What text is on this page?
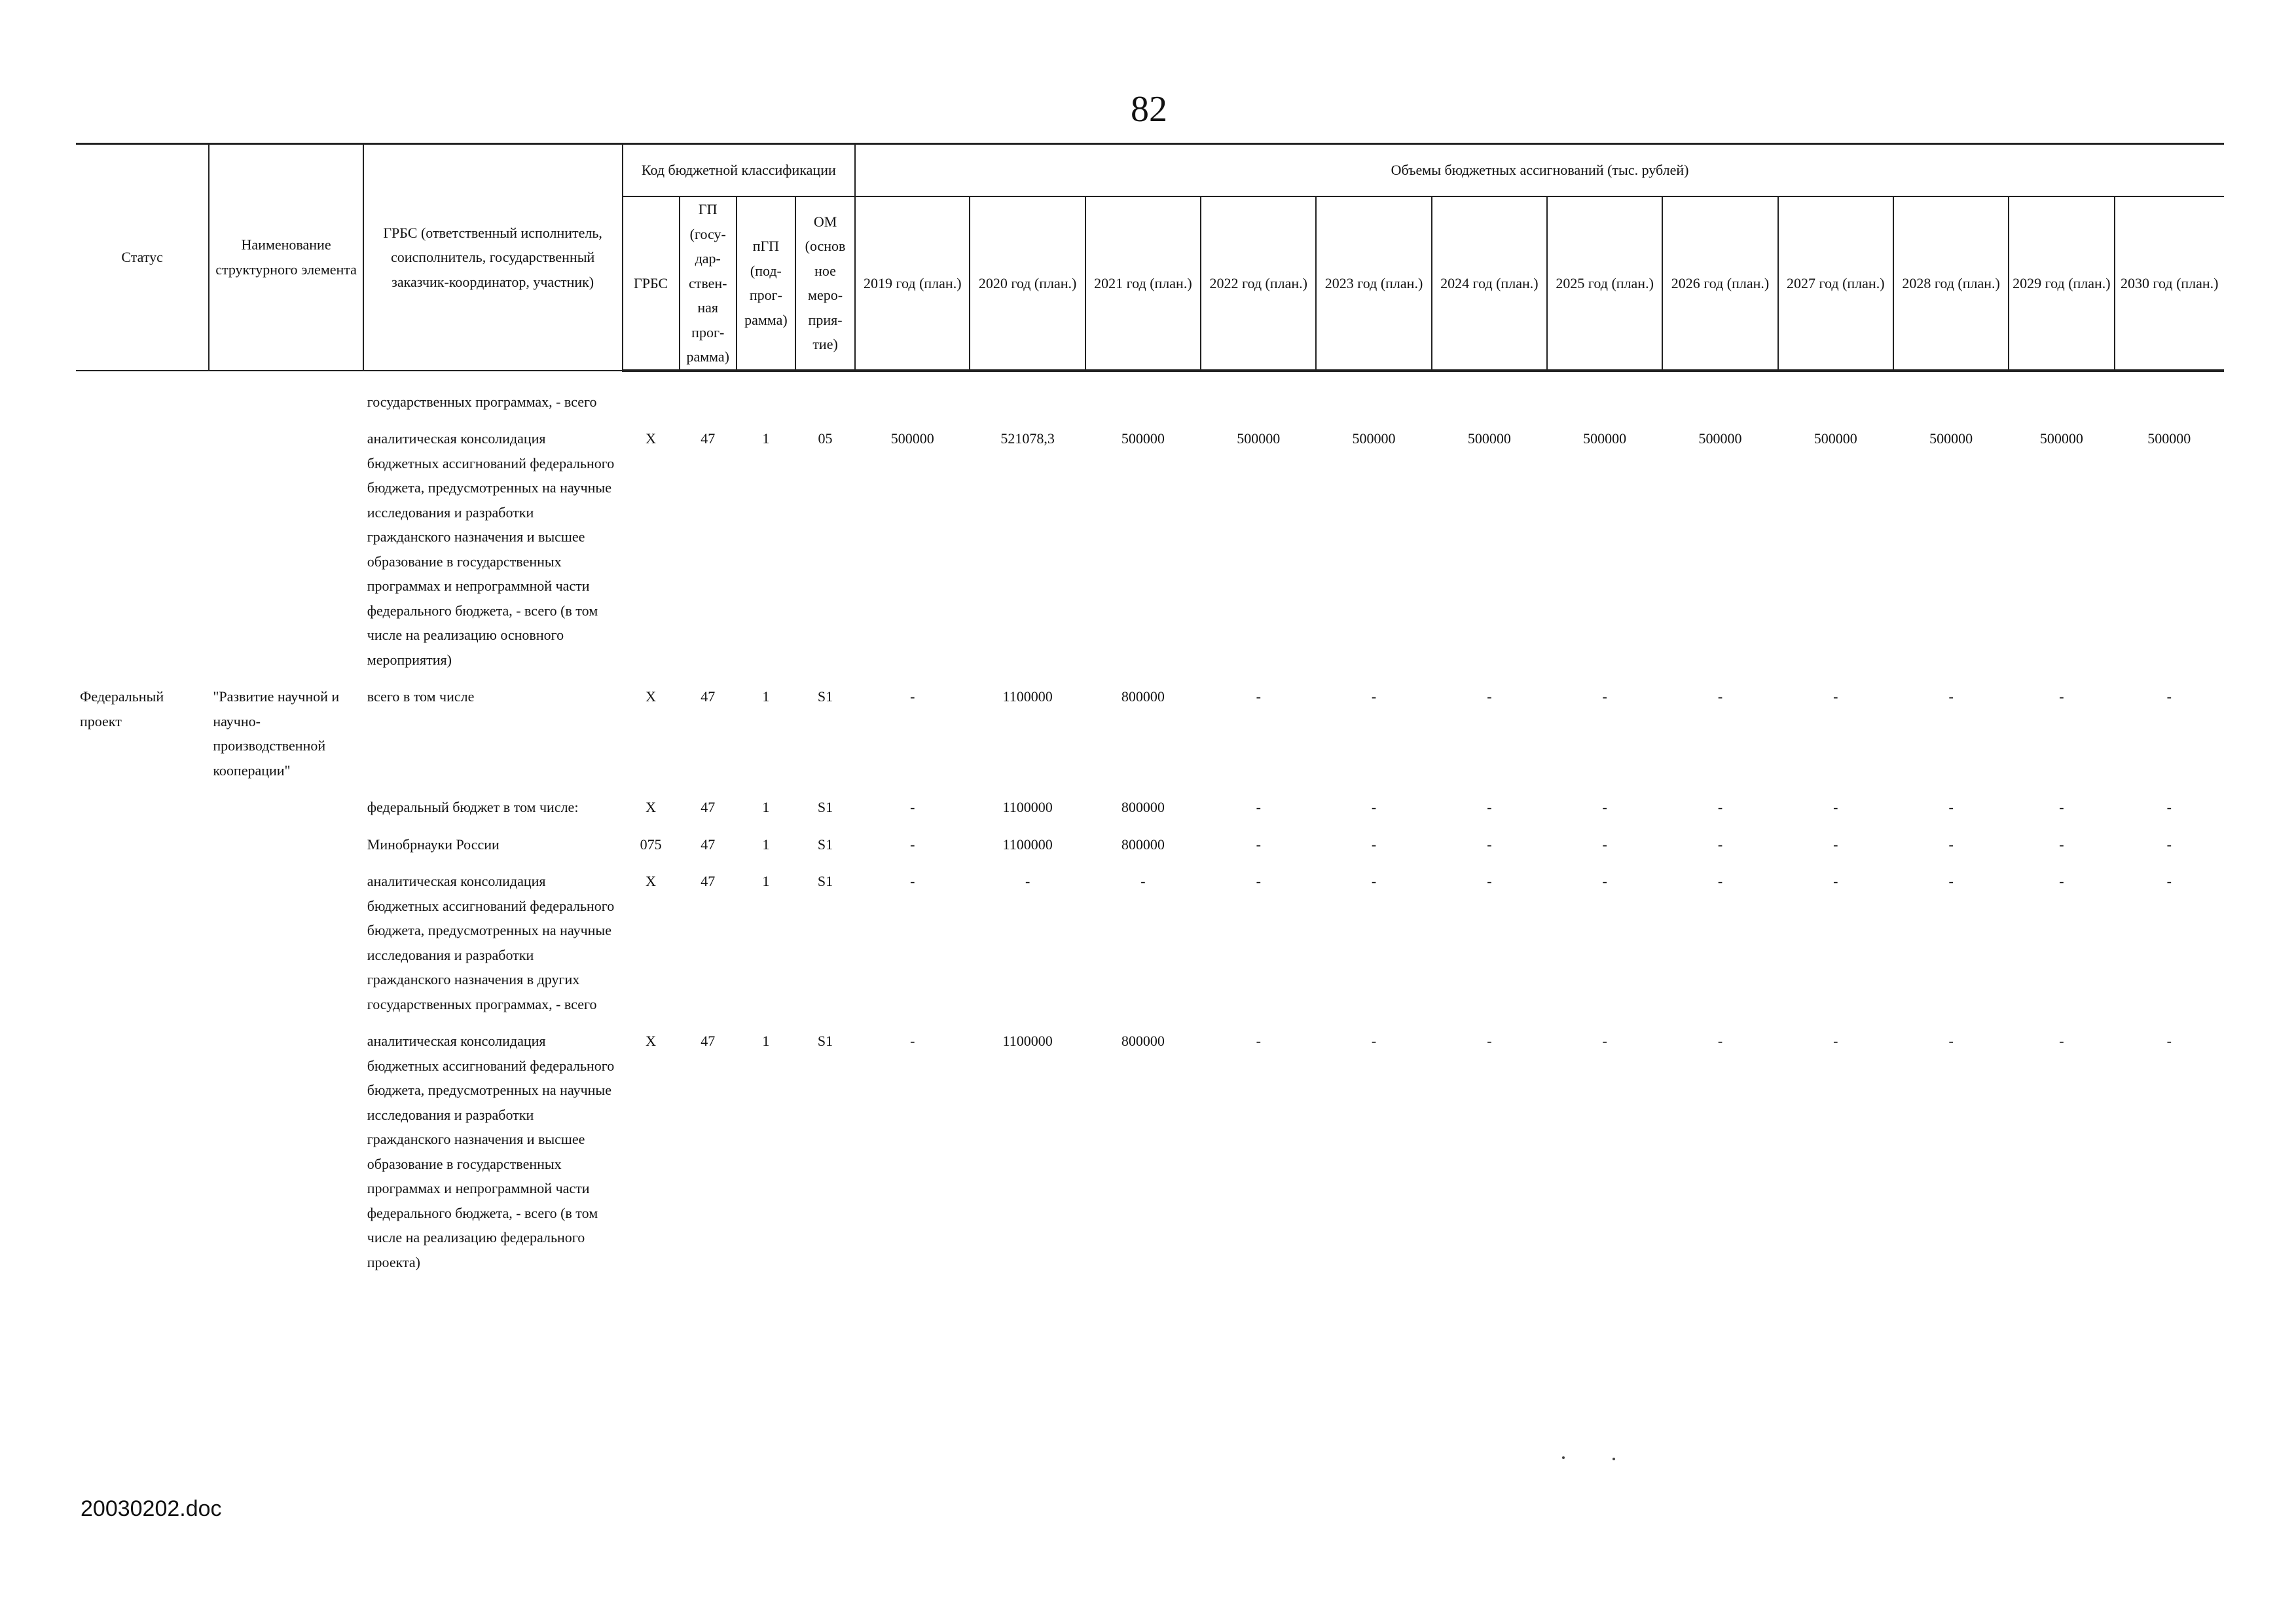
82
Статус	Наименование структурного элемента	ГРБС (ответственный исполнитель, соисполнитель, государственный заказчик-координатор, участник)	Код бюджетной классификации				Объемы бюджетных ассигнований (тыс. рублей)											
			ГРБС	ГП (госу-дар-ствен-ная прог-рамма)	пГП (под-прог-рамма)	ОМ (основ ное меро-прия-тие)	2019 год (план.)	2020 год (план.)	2021 год (план.)	2022 год (план.)	2023 год (план.)	2024 год (план.)	2025 год (план.)	2026 год (план.)	2027 год (план.)	2028 год (план.)	2029 год (план.)	2030 год (план.)

		государственных программах, - всего																
		аналитическая консолидация бюджетных ассигнований федерального бюджета, предусмотренных на научные исследования и разработки гражданского назначения и высшее образование в государственных программах и непрограммной части федерального бюджета, - всего (в том числе на реализацию основного мероприятия)	X	47	1	05	500000	521078,3	500000	500000	500000	500000	500000	500000	500000	500000	500000	500000
Федеральный проект	"Развитие научной и научно-производственной кооперации"	всего в том числе	X	47	1	S1	-	1100000	800000	-	-	-	-	-	-	-	-	-
		федеральный бюджет в том числе:	X	47	1	S1	-	1100000	800000	-	-	-	-	-	-	-	-	-
		Минобрнауки России	075	47	1	S1	-	1100000	800000	-	-	-	-	-	-	-	-	-
		аналитическая консолидация бюджетных ассигнований федерального бюджета, предусмотренных на научные исследования и разработки гражданского назначения в других государственных программах, - всего	X	47	1	S1	-	-	-	-	-	-	-	-	-	-	-	-
		аналитическая консолидация бюджетных ассигнований федерального бюджета, предусмотренных на научные исследования и разработки гражданского назначения и высшее образование в государственных программах и непрограммной части федерального бюджета, - всего (в том числе на реализацию федерального проекта)	X	47	1	S1	-	1100000	800000	-	-	-	-	-	-	-	-	-
20030202.doc
